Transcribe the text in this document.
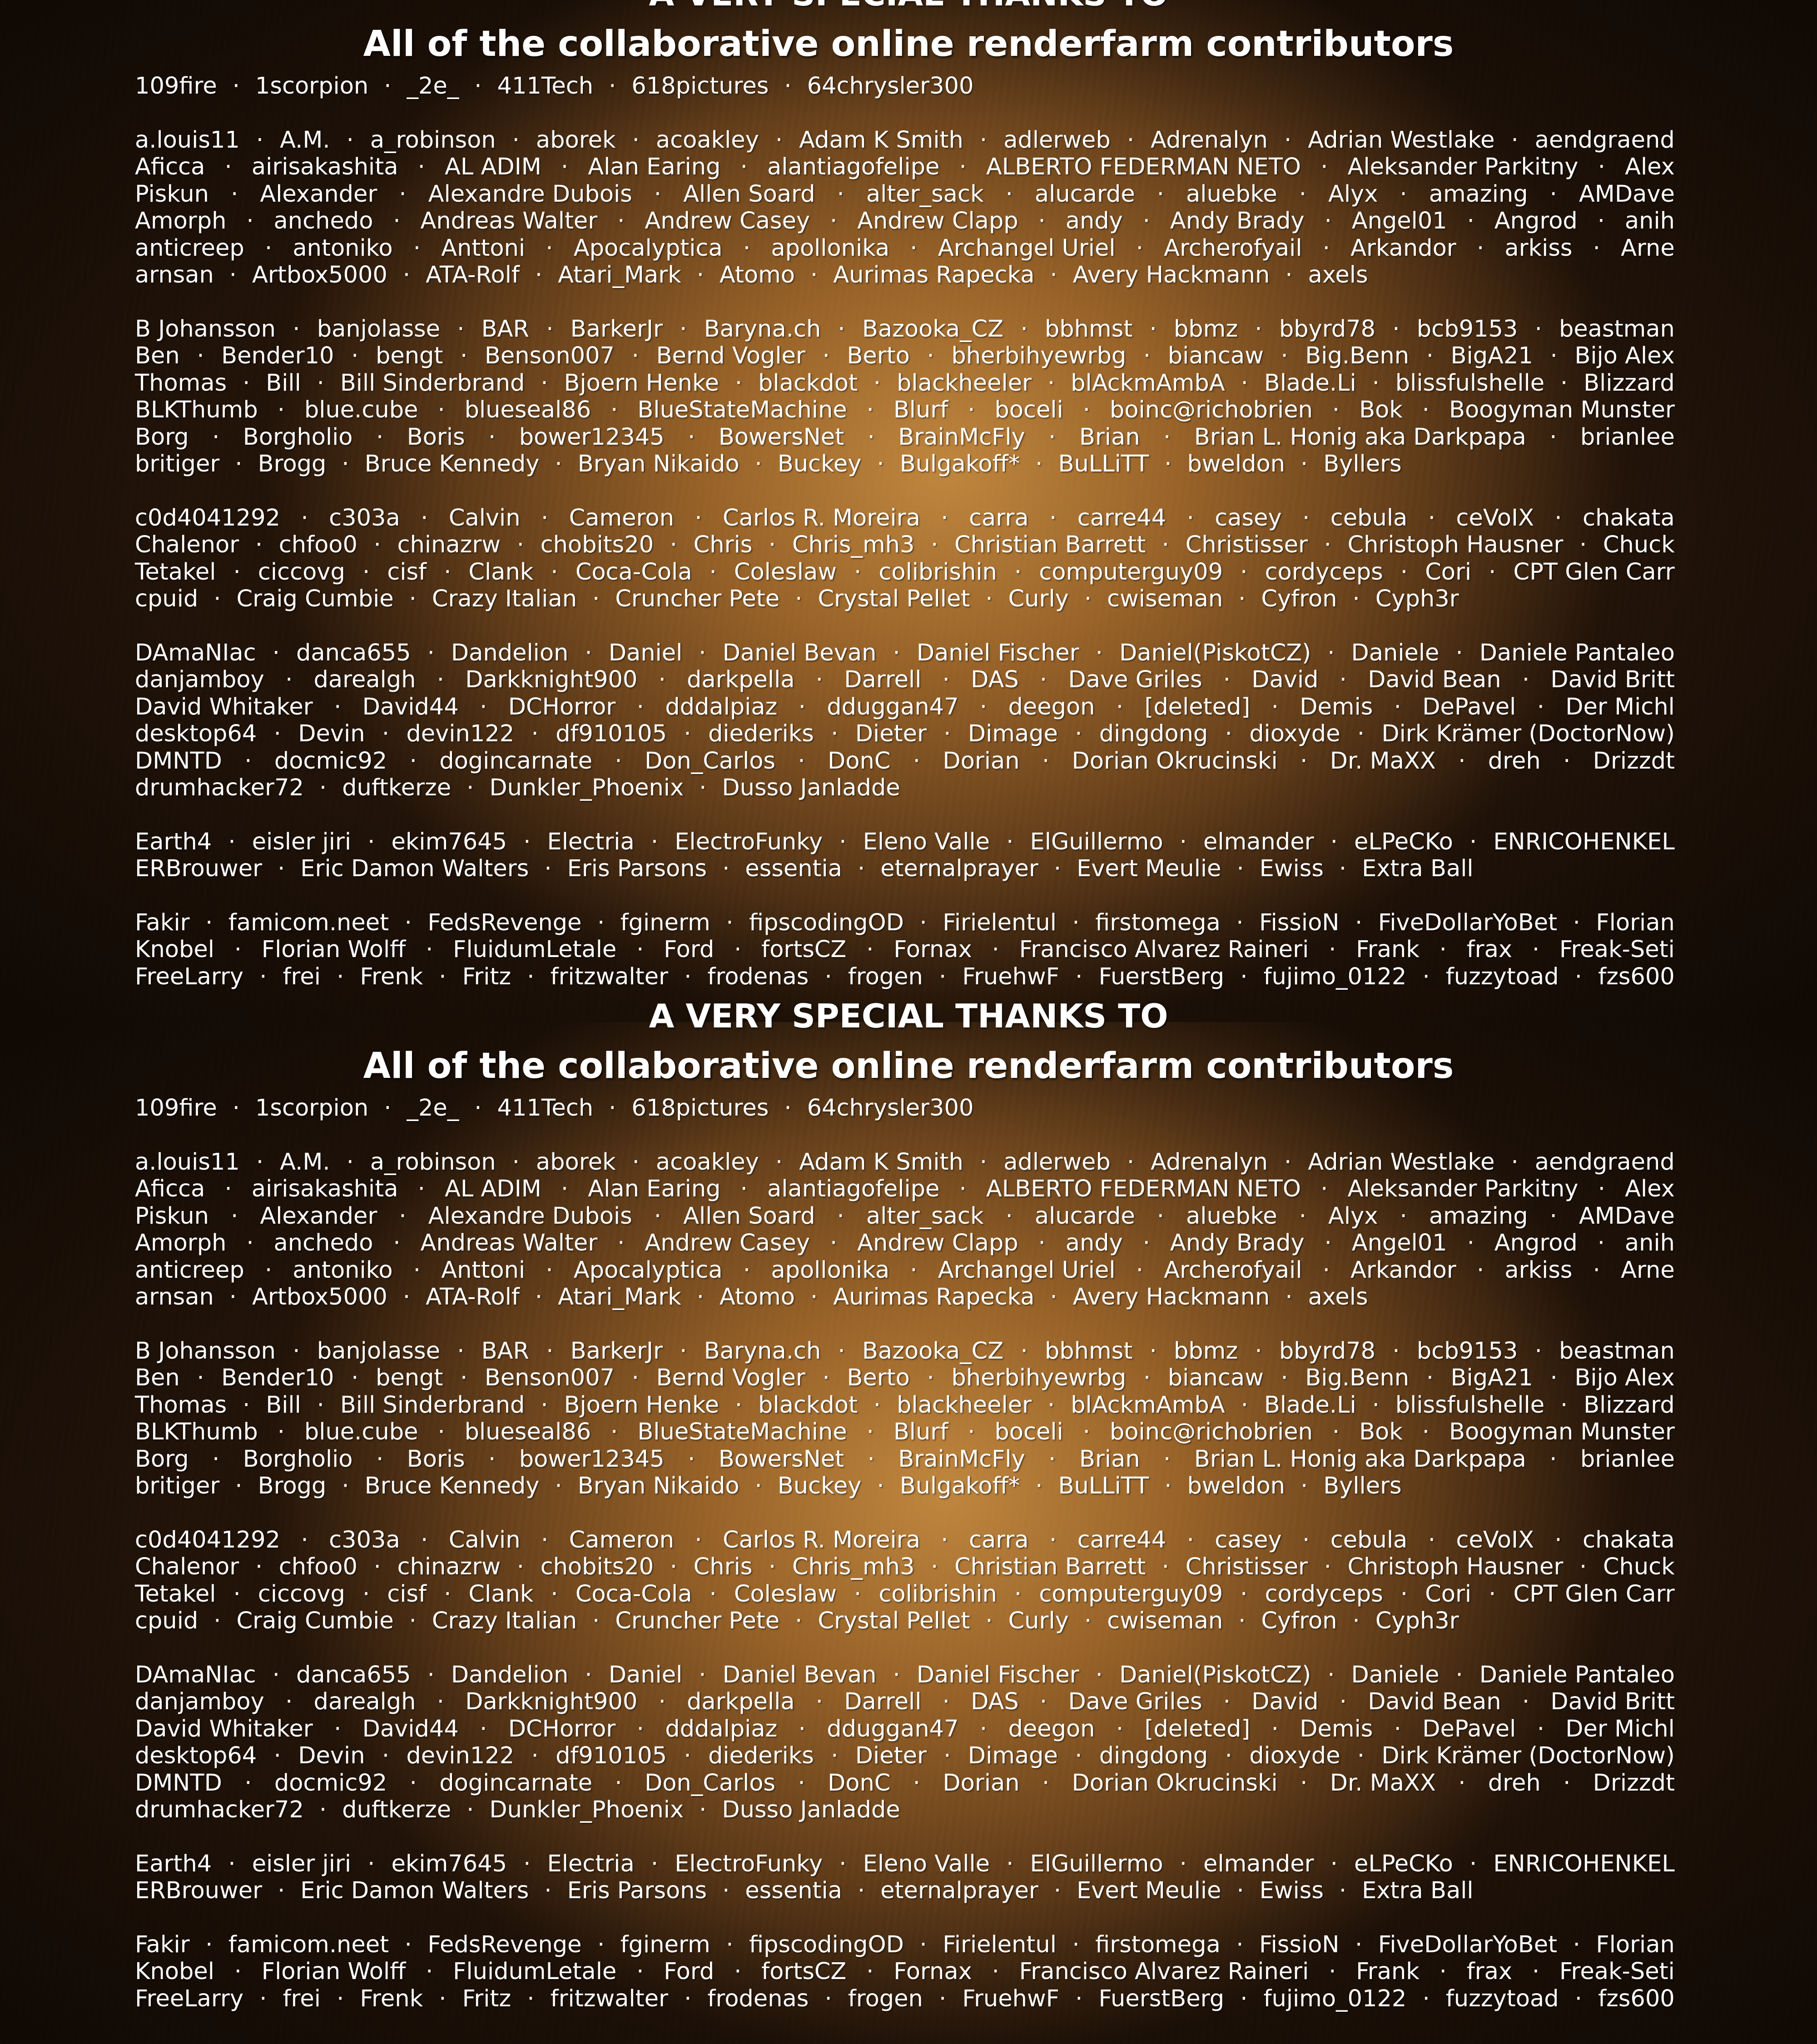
All of the collaborative online renderfarm contributors
109fire · 1scorpion · _2e_ · 411Tech · 618pictures · 64chrysler300
a.louis11 · A.M. · a_robinson · aborek · acoakley · Adam K Smith · adlerweb · Adrenalyn · Adrian Westlake · aendgraend
Aficca · airisakashita · AL ADIM · Alan Earing · alantiagofelipe · ALBERTO FEDERMAN NETO · Aleksander Parkitny · Alex
Piskun · Alexander · Alexandre Dubois · Allen Soard · alter_sack · alucarde · aluebke · Alyx · amazing · AMDave
Amorph · anchedo · Andreas Walter · Andrew Casey · Andrew Clapp · andy · Andy Brady · Angel01 · Angrod · anih
anticreep · antoniko · Anttoni · Apocalyptica · apollonika · Archangel Uriel · Archerofyail · Arkandor · arkiss · Arne
arnsan · Artbox5000 · ATA-Rolf · Atari_Mark · Atomo · Aurimas Rapecka · Avery Hackmann · axels
B Johansson · banjolasse · BAR · BarkerJr · Baryna.ch · Bazooka_CZ · bbhmst · bbmz · bbyrd78 · bcb9153 · beastman
Ben · Bender10 · bengt · Benson007 · Bernd Vogler · Berto · bherbihyewrbg · biancaw · Big.Benn · BigA21 · Bijo Alex
Thomas · Bill · Bill Sinderbrand · Bjoern Henke · blackdot · blackheeler · blAckmAmbA · Blade.Li · blissfulshelle · Blizzard
BLKThumb · blue.cube · blueseal86 · BlueStateMachine · Blurf · boceli · boinc@richobrien · Bok · Boogyman Munster
Borg · Borgholio · Boris · bower12345 · BowersNet · BrainMcFly · Brian · Brian L. Honig aka Darkpapa · brianlee
britiger · Brogg · Bruce Kennedy · Bryan Nikaido · Buckey · Bulgakoff* · BuLLiTT · bweldon · Byllers
c0d4041292 · c303a · Calvin · Cameron · Carlos R. Moreira · carra · carre44 · casey · cebula · ceVoIX · chakata
Chalenor · chfoo0 · chinazrw · chobits20 · Chris · Chris_mh3 · Christian Barrett · Christisser · Christoph Hausner · Chuck
Tetakel · ciccovg · cisf · Clank · Coca-Cola · Coleslaw · colibrishin · computerguy09 · cordyceps · Cori · CPT Glen Carr
cpuid · Craig Cumbie · Crazy Italian · Cruncher Pete · Crystal Pellet · Curly · cwiseman · Cyfron · Cyph3r
DAmaNIac · danca655 · Dandelion · Daniel · Daniel Bevan · Daniel Fischer · Daniel(PiskotCZ) · Daniele · Daniele Pantaleo
danjamboy · darealgh · Darkknight900 · darkpella · Darrell · DAS · Dave Griles · David · David Bean · David Britt
David Whitaker · David44 · DCHorror · dddalpiaz · dduggan47 · deegon · [deleted] · Demis · DePavel · Der Michl
desktop64 · Devin · devin122 · df910105 · diederiks · Dieter · Dimage · dingdong · dioxyde · Dirk Krämer (DoctorNow)
DMNTD · docmic92 · dogincarnate · Don_Carlos · DonC · Dorian · Dorian Okrucinski · Dr. MaXX · dreh · Drizzdt
drumhacker72 · duftkerze · Dunkler_Phoenix · Dusso Janladde
Earth4 · eisler jiri · ekim7645 · Electria · ElectroFunky · Eleno Valle · ElGuillermo · elmander · eLPeCKo · ENRICOHENKEL
ERBrouwer · Eric Damon Walters · Eris Parsons · essentia · eternalprayer · Evert Meulie · Ewiss · Extra Ball
Fakir · famicom.neet · FedsRevenge · fginerm · fipscodingOD · Firielentul · firstomega · FissioN · FiveDollarYoBet · Florian
Knobel · Florian Wolff · FluidumLetale · Ford · fortsCZ · Fornax · Francisco Alvarez Raineri · Frank · frax · Freak-Seti
FreeLarry · frei · Frenk · Fritz · fritzwalter · frodenas · frogen · FruehwF · FuerstBerg · fujimo_0122 · fuzzytoad · fzs600
A VERY SPECIAL THANKS TO
All of the collaborative online renderfarm contributors
109fire · 1scorpion · _2e_ · 411Tech · 618pictures · 64chrysler300
a.louis11 · A.M. · a_robinson · aborek · acoakley · Adam K Smith · adlerweb · Adrenalyn · Adrian Westlake · aendgraend
Aficca · airisakashita · AL ADIM · Alan Earing · alantiagofelipe · ALBERTO FEDERMAN NETO · Aleksander Parkitny · Alex
Piskun · Alexander · Alexandre Dubois · Allen Soard · alter_sack · alucarde · aluebke · Alyx · amazing · AMDave
Amorph · anchedo · Andreas Walter · Andrew Casey · Andrew Clapp · andy · Andy Brady · Angel01 · Angrod · anih
anticreep · antoniko · Anttoni · Apocalyptica · apollonika · Archangel Uriel · Archerofyail · Arkandor · arkiss · Arne
arnsan · Artbox5000 · ATA-Rolf · Atari_Mark · Atomo · Aurimas Rapecka · Avery Hackmann · axels
B Johansson · banjolasse · BAR · BarkerJr · Baryna.ch · Bazooka_CZ · bbhmst · bbmz · bbyrd78 · bcb9153 · beastman
Ben · Bender10 · bengt · Benson007 · Bernd Vogler · Berto · bherbihyewrbg · biancaw · Big.Benn · BigA21 · Bijo Alex
Thomas · Bill · Bill Sinderbrand · Bjoern Henke · blackdot · blackheeler · blAckmAmbA · Blade.Li · blissfulshelle · Blizzard
BLKThumb · blue.cube · blueseal86 · BlueStateMachine · Blurf · boceli · boinc@richobrien · Bok · Boogyman Munster
Borg · Borgholio · Boris · bower12345 · BowersNet · BrainMcFly · Brian · Brian L. Honig aka Darkpapa · brianlee
britiger · Brogg · Bruce Kennedy · Bryan Nikaido · Buckey · Bulgakoff* · BuLLiTT · bweldon · Byllers
c0d4041292 · c303a · Calvin · Cameron · Carlos R. Moreira · carra · carre44 · casey · cebula · ceVoIX · chakata
Chalenor · chfoo0 · chinazrw · chobits20 · Chris · Chris_mh3 · Christian Barrett · Christisser · Christoph Hausner · Chuck
Tetakel · ciccovg · cisf · Clank · Coca-Cola · Coleslaw · colibrishin · computerguy09 · cordyceps · Cori · CPT Glen Carr
cpuid · Craig Cumbie · Crazy Italian · Cruncher Pete · Crystal Pellet · Curly · cwiseman · Cyfron · Cyph3r
DAmaNIac · danca655 · Dandelion · Daniel · Daniel Bevan · Daniel Fischer · Daniel(PiskotCZ) · Daniele · Daniele Pantaleo
danjamboy · darealgh · Darkknight900 · darkpella · Darrell · DAS · Dave Griles · David · David Bean · David Britt
David Whitaker · David44 · DCHorror · dddalpiaz · dduggan47 · deegon · [deleted] · Demis · DePavel · Der Michl
desktop64 · Devin · devin122 · df910105 · diederiks · Dieter · Dimage · dingdong · dioxyde · Dirk Krämer (DoctorNow)
DMNTD · docmic92 · dogincarnate · Don_Carlos · DonC · Dorian · Dorian Okrucinski · Dr. MaXX · dreh · Drizzdt
drumhacker72 · duftkerze · Dunkler_Phoenix · Dusso Janladde
Earth4 · eisler jiri · ekim7645 · Electria · ElectroFunky · Eleno Valle · ElGuillermo · elmander · eLPeCKo · ENRICOHENKEL
ERBrouwer · Eric Damon Walters · Eris Parsons · essentia · eternalprayer · Evert Meulie · Ewiss · Extra Ball
Fakir · famicom.neet · FedsRevenge · fginerm · fipscodingOD · Firielentul · firstomega · FissioN · FiveDollarYoBet · Florian
Knobel · Florian Wolff · FluidumLetale · Ford · fortsCZ · Fornax · Francisco Alvarez Raineri · Frank · frax · Freak-Seti
FreeLarry · frei · Frenk · Fritz · fritzwalter · frodenas · frogen · FruehwF · FuerstBerg · fujimo_0122 · fuzzytoad · fzs600
